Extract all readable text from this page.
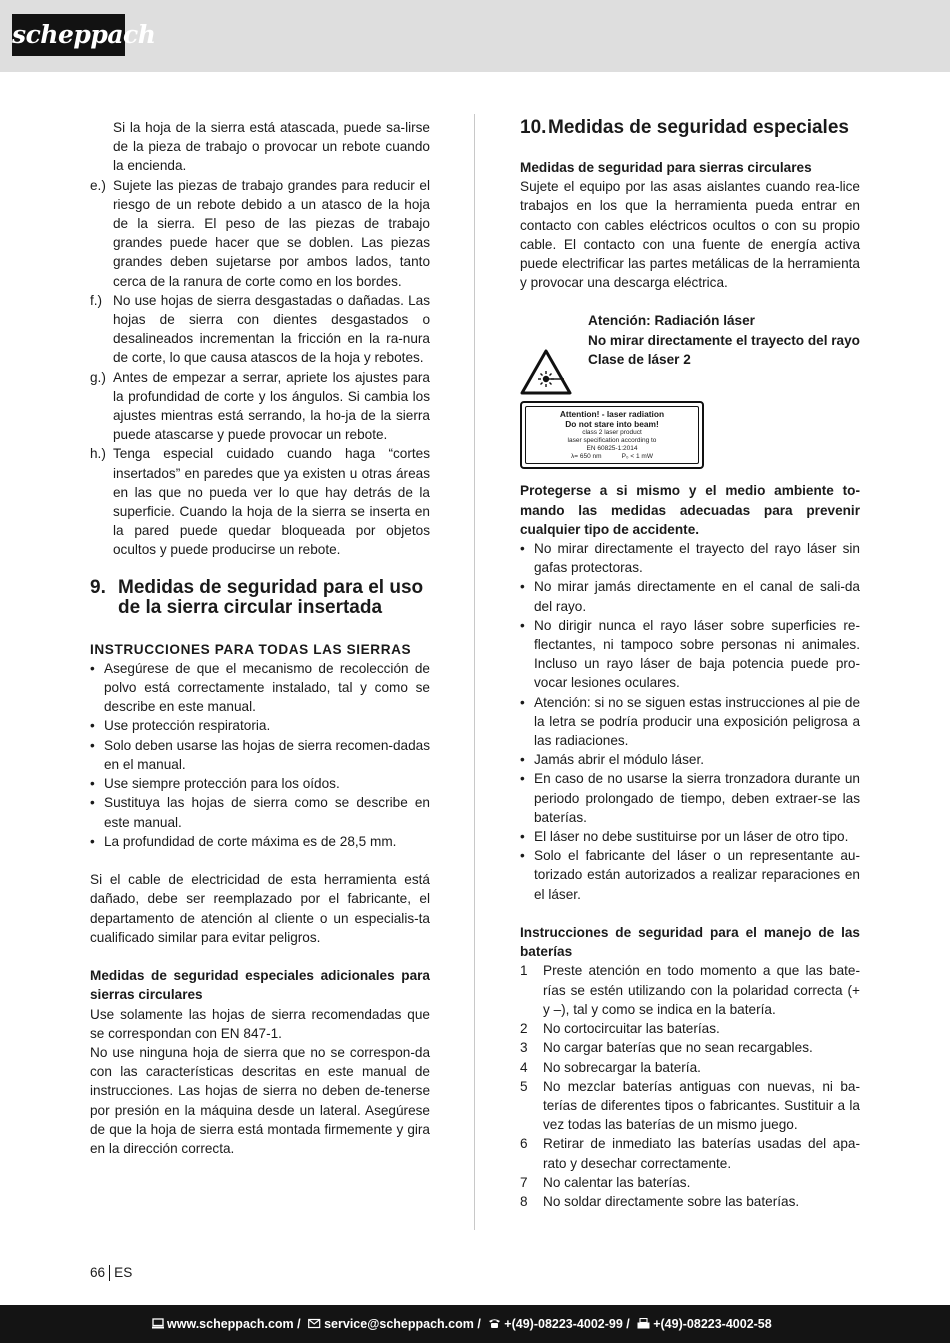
scheppach

Si la hoja de la sierra está atascada, puede sa-lirse de la pieza de trabajo o provocar un rebote cuando la encienda.

e.) Sujete las piezas de trabajo grandes para reducir el riesgo de un rebote debido a un atasco de la hoja de la sierra. El peso de las piezas de trabajo grandes puede hacer que se doblen. Las piezas grandes deben sujetarse por ambos lados, tanto cerca de la ranura de corte como en los bordes.
f.) No use hojas de sierra desgastadas o dañadas. Las hojas de sierra con dientes desgastados o desalineados incrementan la fricción en la ra-nura de corte, lo que causa atascos de la hoja y rebotes.
g.) Antes de empezar a serrar, apriete los ajustes para la profundidad de corte y los ángulos. Si cambia los ajustes mientras está serrando, la ho-ja de la sierra puede atascarse y puede provocar un rebote.
h.) Tenga especial cuidado cuando haga “cortes insertados” en paredes que ya existen u otras áreas en las que no pueda ver lo que hay detrás de la superficie. Cuando la hoja de la sierra se inserta en la pared puede quedar bloqueada por objetos ocultos y puede producirse un rebote.
9. Medidas de seguridad para el uso de la sierra circular insertada
INSTRUCCIONES PARA TODAS LAS SIERRAS
• Asegúrese de que el mecanismo de recolección de polvo está correctamente instalado, tal y como se describe en este manual.
• Use protección respiratoria.
• Solo deben usarse las hojas de sierra recomen-dadas en el manual.
• Use siempre protección para los oídos.
• Sustituya las hojas de sierra como se describe en este manual.
• La profundidad de corte máxima es de 28,5 mm.

Si el cable de electricidad de esta herramienta está dañado, debe ser reemplazado por el fabricante, el departamento de atención al cliente o un especialis-ta cualificado similar para evitar peligros.

Medidas de seguridad especiales adicionales para sierras circulares

Use solamente las hojas de sierra recomendadas que se correspondan con EN 847-1.

No use ninguna hoja de sierra que no se correspon-da con las características descritas en este manual de instrucciones. Las hojas de sierra no deben de-tenerse por presión en la máquina desde un lateral. Asegúrese de que la hoja de sierra está montada firmemente y gira en la dirección correcta.

10. Medidas de seguridad especiales

Medidas de seguridad para sierras circulares

Sujete el equipo por las asas aislantes cuando rea-lice trabajos en los que la herramienta pueda entrar en contacto con cables eléctricos ocultos o con su propio cable. El contacto con una fuente de energía activa puede electrificar las partes metálicas de la herramienta y provocar una descarga eléctrica.

Atención: Radiación láser
No mirar directamente el trayecto del rayo
Clase de láser 2
Attention! - laser radiation
Do not stare into beam!
class 2 laser product
laser specification according to
EN 60825-1:2014
λ= 650 nm	P₀ < 1 mW

Protegerse a si mismo y el medio ambiente to-mando las medidas adecuadas para prevenir cualquier tipo de accidente.

• No mirar directamente el trayecto del rayo láser sin gafas protectoras.
• No mirar jamás directamente en el canal de sali-da del rayo.
• No dirigir nunca el rayo láser sobre superficies re-flectantes, ni tampoco sobre personas ni animales. Incluso un rayo láser de baja potencia puede pro-vocar lesiones oculares.
• Atención: si no se siguen estas instrucciones al pie de la letra se podría producir una exposición peligrosa a las radiaciones.
• Jamás abrir el módulo láser.
• En caso de no usarse la sierra tronzadora durante un periodo prolongado de tiempo, deben extraer-se las baterías.
• El láser no debe sustituirse por un láser de otro tipo.
• Solo el fabricante del láser o un representante au-torizado están autorizados a realizar reparaciones en el láser.

Instrucciones de seguridad para el manejo de las baterías

1	Preste atención en todo momento a que las bate-rías se estén utilizando con la polaridad correcta (+ y –), tal y como se indica en la batería.
2	No cortocircuitar las baterías.
3	No cargar baterías que no sean recargables.
4	No sobrecargar la batería.
5	No mezclar baterías antiguas con nuevas, ni ba-terías de diferentes tipos o fabricantes. Sustituir a la vez todas las baterías de un mismo juego.
6	Retirar de inmediato las baterías usadas del apa-rato y desechar correctamente.
7	No calentar las baterías.
8	No soldar directamente sobre las baterías.
66 ES
www.scheppach.com / service@scheppach.com / +(49)-08223-4002-99 / +(49)-08223-4002-58
